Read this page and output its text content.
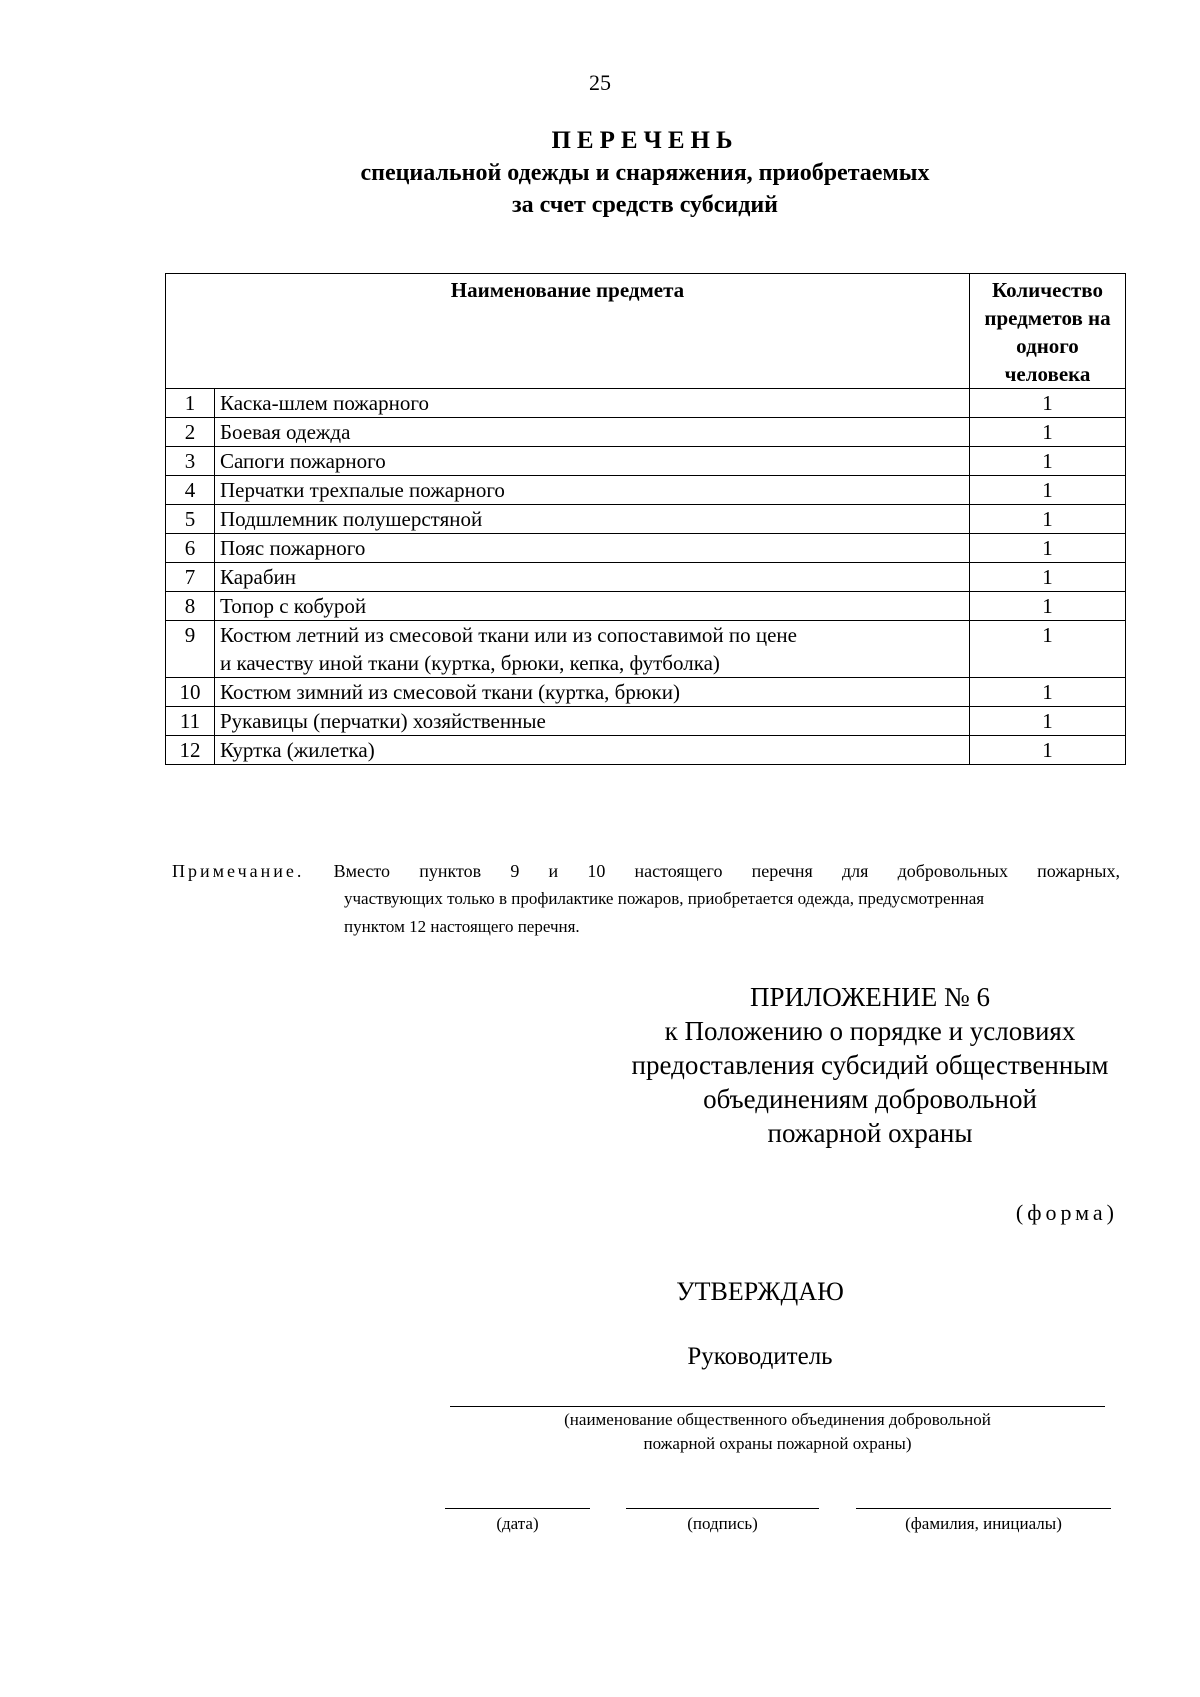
25
ПЕРЕЧЕНЬ
специальной одежды и снаряжения, приобретаемых
за счет средств субсидий
Наименование предмета		Количество предметов на одного человека
1	Каска-шлем пожарного	1
2	Боевая одежда	1
3	Сапоги пожарного	1
4	Перчатки трехпалые пожарного	1
5	Подшлемник полушерстяной	1
6	Пояс пожарного	1
7	Карабин	1
8	Топор с кобурой	1
9	Костюм летний из смесовой ткани или из сопоставимой по цене
и качеству иной ткани (куртка, брюки, кепка, футболка)	1
10	Костюм зимний из смесовой ткани (куртка, брюки)	1
11	Рукавицы (перчатки) хозяйственные	1
12	Куртка (жилетка)	1
Примечание. Вместо пунктов 9 и 10 настоящего перечня для добровольных пожарных,
участвующих только в профилактике пожаров, приобретается одежда, предусмотренная
пунктом 12 настоящего перечня.
ПРИЛОЖЕНИЕ № 6
к Положению о порядке и условиях
предоставления субсидий общественным
объединениям добровольной
пожарной охраны
(форма)
УТВЕРЖДАЮ
Руководитель
(наименование общественного объединения добровольной
пожарной охраны пожарной охраны)
(дата)	(подпись)	(фамилия, инициалы)
